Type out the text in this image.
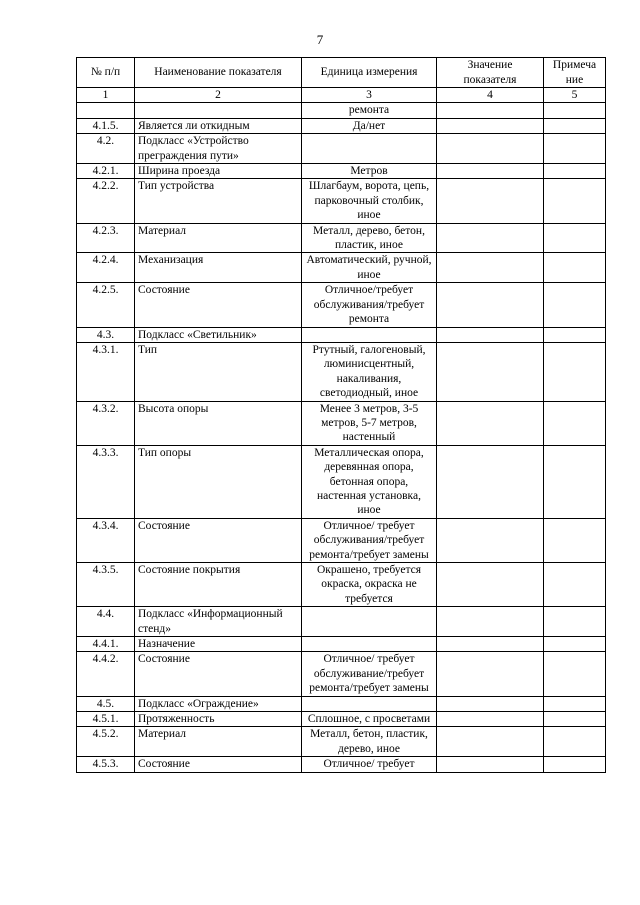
7
№ п/п	Наименование показателя	Единица измерения	Значение показателя	Примеча ние
1	2	3	4	5
		ремонта		
4.1.5.	Является ли откидным	Да/нет		
4.2.	Подкласс «Устройство преграждения пути»			
4.2.1.	Ширина проезда	Метров		
4.2.2.	Тип устройства	Шлагбаум, ворота, цепь, парковочный столбик, иное		
4.2.3.	Материал	Металл, дерево, бетон, пластик, иное		
4.2.4.	Механизация	Автоматический, ручной, иное		
4.2.5.	Состояние	Отличное/требует обслуживания/требует ремонта		
4.3.	Подкласс «Светильник»			
4.3.1.	Тип	Ртутный, галогеновый, люминисцентный, накаливания, светодиодный, иное		
4.3.2.	Высота опоры	Менее 3 метров, 3-5 метров, 5-7 метров, настенный		
4.3.3.	Тип опоры	Металлическая опора, деревянная опора, бетонная опора, настенная установка, иное		
4.3.4.	Состояние	Отличное/ требует обслуживания/требует ремонта/требует замены		
4.3.5.	Состояние покрытия	Окрашено, требуется окраска, окраска не требуется		
4.4.	Подкласс «Информационный стенд»			
4.4.1.	Назначение			
4.4.2.	Состояние	Отличное/ требует обслуживание/требует ремонта/требует замены		
4.5.	Подкласс «Ограждение»			
4.5.1.	Протяженность	Сплошное, с просветами		
4.5.2.	Материал	Металл, бетон, пластик, дерево, иное		
4.5.3.	Состояние	Отличное/ требует		
